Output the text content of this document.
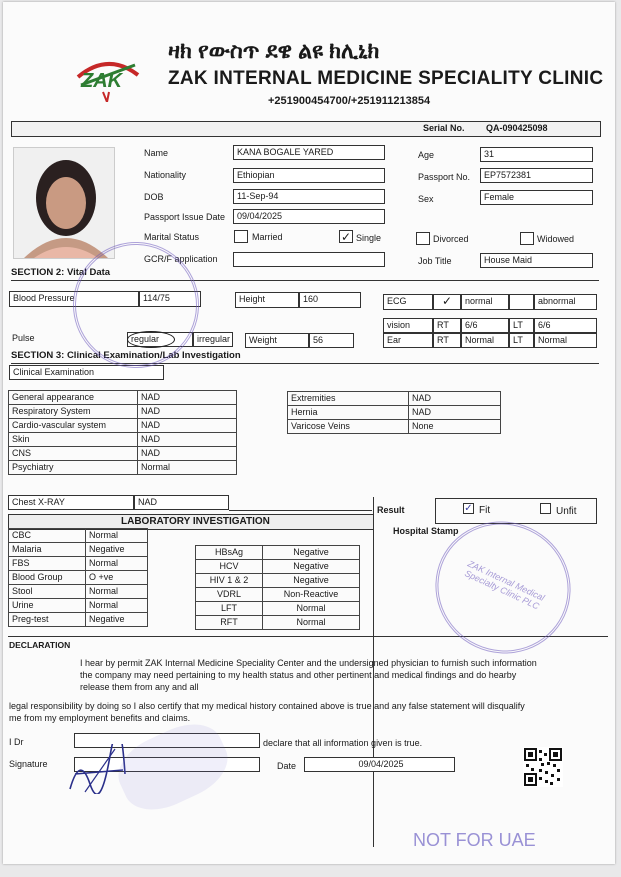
ZAK
ዛክ የውስጥ ደዌ ልዩ ክሊኒክ
ZAK INTERNAL MEDICINE SPECIALITY CLINIC
+251900454700/+251911213854
Serial No. QA-090425098
Name	KANA BOGALE YARED	Age	31
Nationality	Ethiopian	Passport No.	EP7572381
DOB	11-Sep-94	Sex	Female
Passport Issue Date	09/04/2025
Marital Status	Married	✓ Single	Divorced	Widowed
GCR/F application	Job Title	House Maid
SECTION 2: Vital Data
Blood Pressure	114/75	Height	160	ECG	✓	normal	abnormal
vision	RT	6/6	LT	6/6
Pulse	regular	irregular	Weight	56	Ear	RT	Normal	LT	Normal
SECTION 3: Clinical Examination/Lab Investigation
Clinical Examination
General appearance	NAD
Respiratory System	NAD
Cardio-vascular system	NAD
Skin	NAD
CNS	NAD
Psychiatry	Normal
Extremities	NAD
Hernia	NAD
Varicose Veins	None
Chest X-RAY	NAD
Result	✓ Fit	Unfit
Hospital Stamp
LABORATORY INVESTIGATION
CBC	Normal
Malaria	Negative
FBS	Normal
Blood Group	O +ve
Stool	Normal
Urine	Normal
Preg-test	Negative
HBsAg	Negative
HCV	Negative
HIV 1 & 2	Negative
VDRL	Non-Reactive
LFT	Normal
RFT	Normal
DECLARATION
I hear by permit ZAK Internal Medicine Speciality Center and the undersigned physician to furnish such information
the company may need pertaining to my health status and other pertinent and medical findings and do hearby
release them from any and all
legal responsibility by doing so I also certify that my medical history contained above is true and any false statement will disqualify
me from my employment benefits and claims.
I Dr	declare that all information given is true.
Signature	Date	09/04/2025
NOT FOR UAE
ZAK Internal Medical Specialty Clinic PLC
